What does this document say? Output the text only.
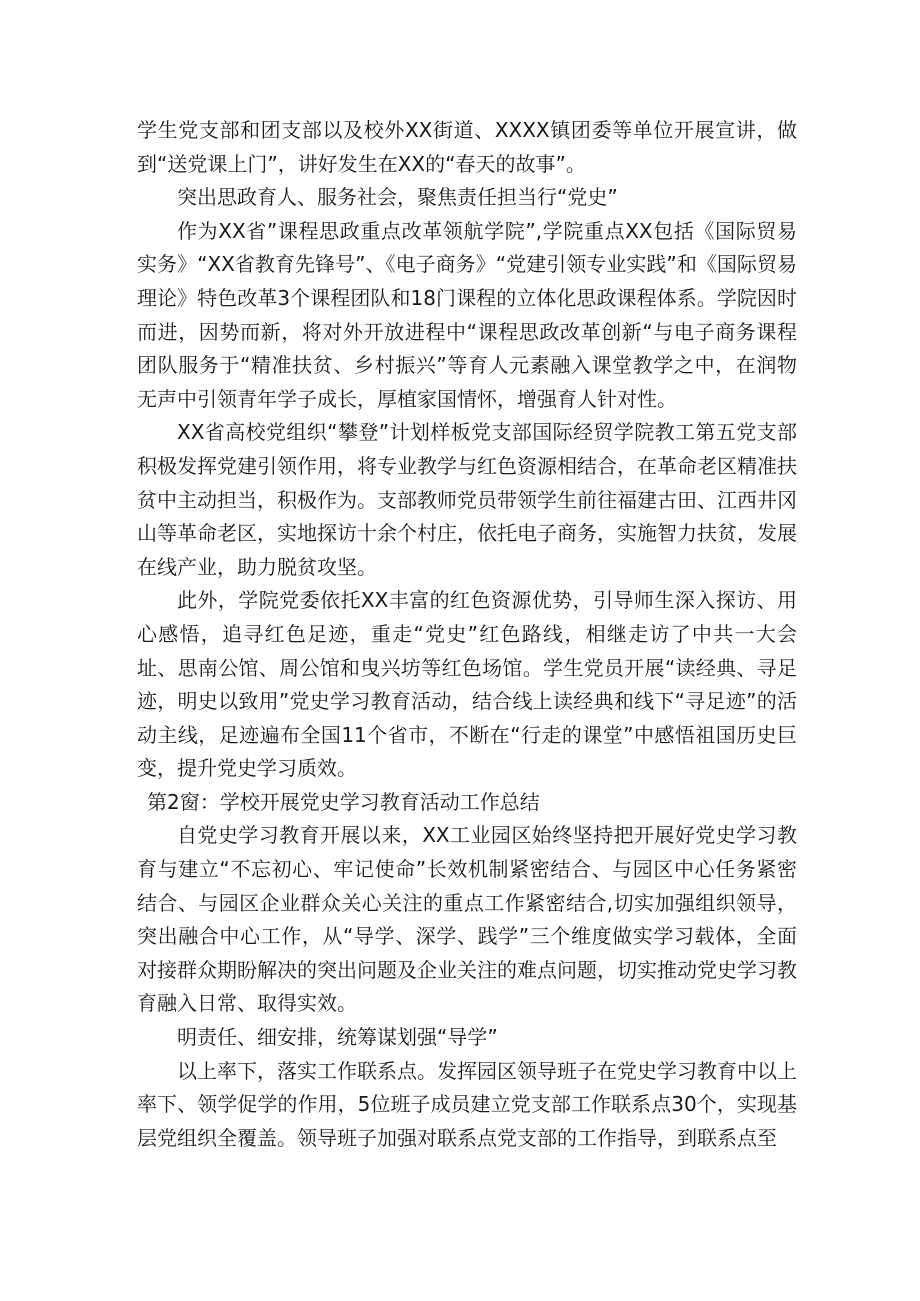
学生党支部和团支部以及校外XX街道、XXXX镇团委等单位开展宣讲，做到“送党课上门”，讲好发生在XX的“春天的故事”。

突出思政育人、服务社会，聚焦责任担当行“党史”

作为XX省”课程思政重点改革领航学院”,学院重点XX包括《国际贸易实务》“XX省教育先锋号”、《电子商务》“党建引领专业实践”和《国际贸易理论》特色改革3个课程团队和18门课程的立体化思政课程体系。学院因时而进，因势而新，将对外开放进程中“课程思政改革创新“与电子商务课程团队服务于“精准扶贫、乡村振兴”等育人元素融入课堂教学之中，在润物无声中引领青年学子成长，厚植家国情怀，增强育人针对性。

XX省高校党组织“攀登”计划样板党支部国际经贸学院教工第五党支部积极发挥党建引领作用，将专业教学与红色资源相结合，在革命老区精准扶贫中主动担当，积极作为。支部教师党员带领学生前往福建古田、江西井冈山等革命老区，实地探访十余个村庄，依托电子商务，实施智力扶贫，发展在线产业，助力脱贫攻坚。

此外，学院党委依托XX丰富的红色资源优势，引导师生深入探访、用心感悟，追寻红色足迹，重走“党史”红色路线，相继走访了中共一大会址、思南公馆、周公馆和曳兴坊等红色场馆。学生党员开展“读经典、寻足迹，明史以致用”党史学习教育活动，结合线上读经典和线下“寻足迹”的活动主线，足迹遍布全国11个省市，不断在“行走的课堂”中感悟祖国历史巨变，提升党史学习质效。

第2窗：学校开展党史学习教育活动工作总结

自党史学习教育开展以来，XX工业园区始终坚持把开展好党史学习教育与建立“不忘初心、牢记使命”长效机制紧密结合、与园区中心任务紧密结合、与园区企业群众关心关注的重点工作紧密结合,切实加强组织领导，突出融合中心工作，从“导学、深学、践学”三个维度做实学习载体，全面对接群众期盼解决的突出问题及企业关注的难点问题，切实推动党史学习教育融入日常、取得实效。

明责任、细安排，统筹谋划强“导学”

以上率下，落实工作联系点。发挥园区领导班子在党史学习教育中以上率下、领学促学的作用，5位班子成员建立党支部工作联系点30个，实现基层党组织全覆盖。领导班子加强对联系点党支部的工作指导，到联系点至
